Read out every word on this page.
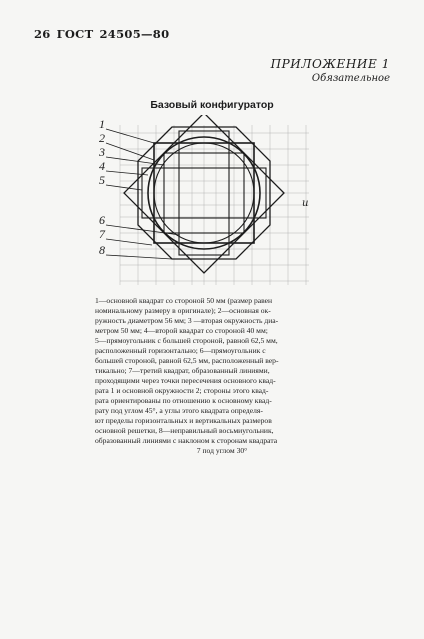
26 ГОСТ 24505—80
ПРИЛОЖЕНИЕ 1
Обязательное
Базовый конфигуратор
1
2
3
4
5
6
7
8
и

1—основной квадрат со стороной 50 мм (размер равен

номинальному размеру в оригинале); 2—основная ок-

ружность диаметром 56 мм; 3 —вторая окружность диа-

метром 50 мм; 4—второй квадрат со стороной 40 мм;

5—прямоугольник с большей стороной, равной 62,5 мм,

расположенный горизонтально; 6—прямоугольник с

большей стороной, равной 62,5 мм, расположенный вер-

тикально; 7—третий квадрат, образованный линиями,

проходящими через точки пересечения основного квад-

рата 1 и основной окружности 2; стороны этого квад-

рата ориентированы по отношению к основному квад-

рату под углом 45°, а углы этого квадрата определя-

ют пределы горизонтальных и вертикальных размеров

основной решетки, 8—неправильный восьмиугольник,

образованный линиями с наклоном к сторонам квадрата

7 под углом 30°
